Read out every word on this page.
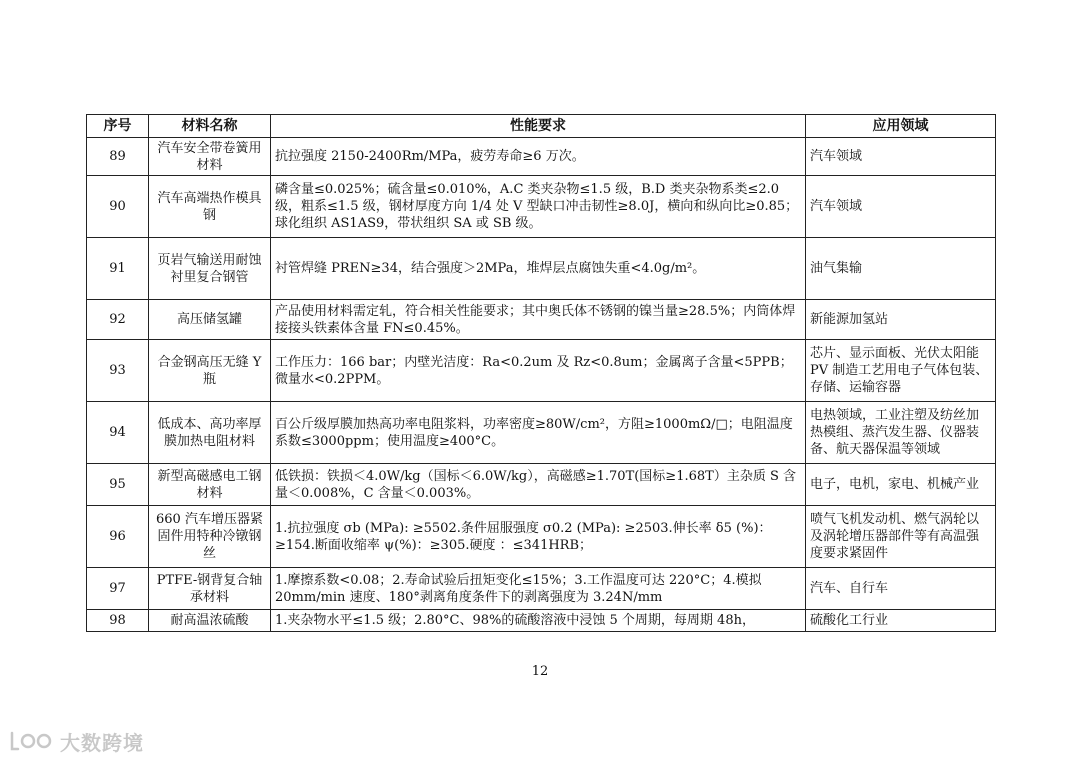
序号	材料名称	性能要求	应用领域
89	汽车安全带卷簧用材料	抗拉强度 2150-2400Rm/MPa，疲劳寿命≥6 万次。	汽车领域
90	汽车高端热作模具钢	磷含量≤0.025%；硫含量≤0.010%，A.C 类夹杂物≤1.5 级，B.D 类夹杂物系类≤2.0 级，粗系≤1.5 级，钢材厚度方向 1/4 处 V 型缺口冲击韧性≥8.0J，横向和纵向比≥0.85；球化组织 AS1AS9，带状组织 SA 或 SB 级。	汽车领域
91	页岩气输送用耐蚀衬里复合钢管	衬管焊缝 PREN≥34，结合强度＞2MPa，堆焊层点腐蚀失重<4.0g/m²。	油气集输
92	高压储氢罐	产品使用材料需定轧，符合相关性能要求；其中奥氏体不锈钢的镍当量≥28.5%；内筒体焊接接头铁素体含量 FN≤0.45%。	新能源加氢站
93	合金钢高压无缝 Y 瓶	工作压力：166 bar；内壁光洁度：Ra<0.2um 及 Rz<0.8um；金属离子含量<5PPB；微量水<0.2PPM。	芯片、显示面板、光伏太阳能 PV 制造工艺用电子气体包装、存储、运输容器
94	低成本、高功率厚膜加热电阻材料	百公斤级厚膜加热高功率电阻浆料，功率密度≥80W/cm²，方阻≥1000mΩ/□；电阻温度系数≤3000ppm；使用温度≥400°C。	电热领域，工业注塑及纺丝加热模组、蒸汽发生器、仪器装备、航天器保温等领域
95	新型高磁感电工钢材料	低铁损：铁损＜4.0W/kg（国标＜6.0W/kg），高磁感≥1.70T(国标≥1.68T）主杂质 S 含量＜0.008%，C 含量＜0.003%。	电子，电机，家电、机械产业
96	660 汽车增压器紧固件用特种冷镦钢丝	1.抗拉强度 σb (MPa): ≥5502.条件屈服强度 σ0.2 (MPa): ≥2503.伸长率 δ5 (%)：≥154.断面收缩率 ψ(%)：≥305.硬度 ：≤341HRB；	喷气飞机发动机、燃气涡轮以及涡轮增压器部件等有高温强度要求紧固件
97	PTFE-钢背复合轴承材料	1.摩擦系数<0.08；2.寿命试验后扭矩变化≤15%；3.工作温度可达 220°C；4.模拟 20mm/min 速度、180°剥离角度条件下的剥离强度为 3.24N/mm	汽车、自行车
98	耐高温浓硫酸	1.夹杂物水平≤1.5 级；2.80°C、98%的硫酸溶液中浸蚀 5 个周期，每周期 48h，	硫酸化工行业
12
大数跨境
